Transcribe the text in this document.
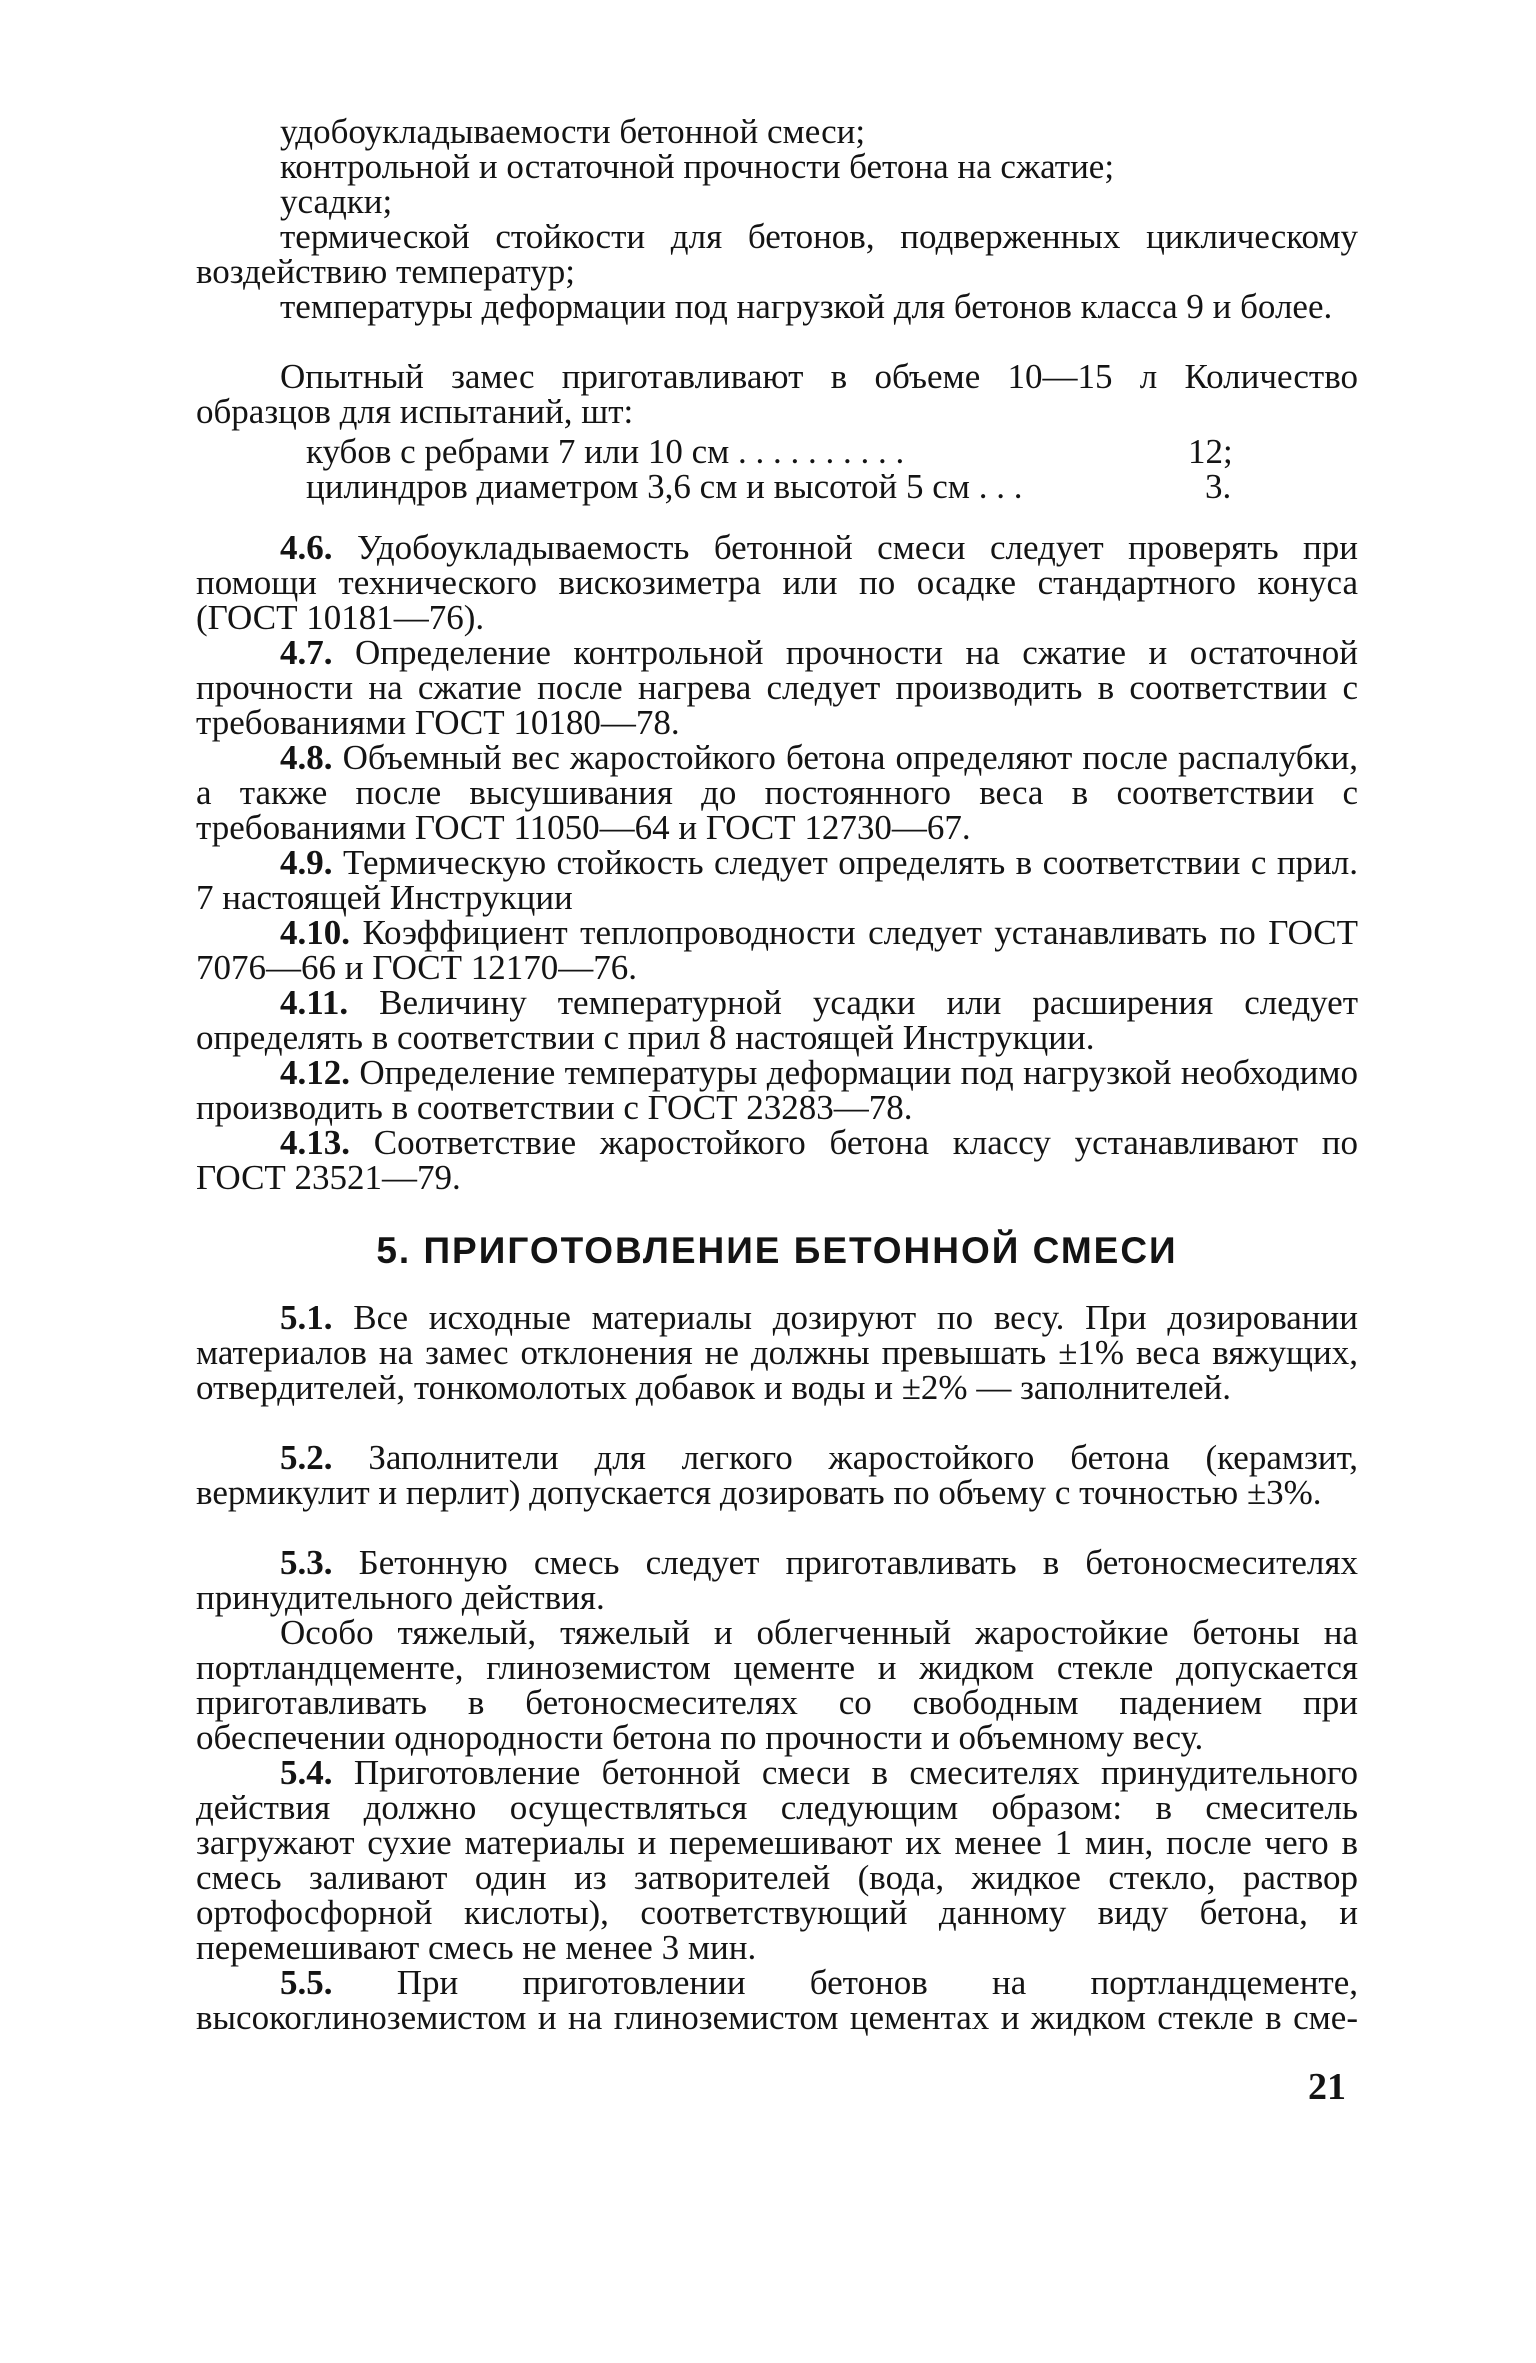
удобоукладываемости бетонной смеси;
контрольной и остаточной прочности бетона на сжатие;
усадки;
термической стойкости для бетонов, подверженных циклическому воздействию температур;
температуры деформации под нагрузкой для бетонов класса 9 и более.
Опытный замес приготавливают в объеме 10—15 л Количество образцов для испытаний, шт:
кубов с ребрами 7 или 10 см . . . . . . . . . .	12;
цилиндров диаметром 3,6 см и высотой 5 см . . .	3.
4.6. Удобоукладываемость бетонной смеси следует проверять при помощи технического вискозиметра или по осадке стандартного конуса (ГОСТ 10181—76).
4.7. Определение контрольной прочности на сжатие и остаточной прочности на сжатие после нагрева следует производить в соответствии с требованиями ГОСТ 10180—78.
4.8. Объемный вес жаростойкого бетона определяют после распалубки, а также после высушивания до постоянного веса в соответствии с требованиями ГОСТ 11050—64 и ГОСТ 12730—67.
4.9. Термическую стойкость следует определять в соответствии с прил. 7 настоящей Инструкции
4.10. Коэффициент теплопроводности следует устанавливать по ГОСТ 7076—66 и ГОСТ 12170—76.
4.11. Величину температурной усадки или расширения следует определять в соответствии с прил 8 настоящей Инструкции.
4.12. Определение температуры деформации под нагрузкой необходимо производить в соответствии с ГОСТ 23283—78.
4.13. Соответствие жаростойкого бетона классу устанавливают по ГОСТ 23521—79.
5. ПРИГОТОВЛЕНИЕ БЕТОННОЙ СМЕСИ
5.1. Все исходные материалы дозируют по весу. При дозировании материалов на замес отклонения не должны превышать ±1% веса вяжущих, отвердителей, тонкомолотых добавок и воды и ±2% — заполнителей.
5.2. Заполнители для легкого жаростойкого бетона (керамзит, вермикулит и перлит) допускается дозировать по объему с точностью ±3%.
5.3. Бетонную смесь следует приготавливать в бетоносмесителях принудительного действия.
Особо тяжелый, тяжелый и облегченный жаростойкие бетоны на портландцементе, глиноземистом цементе и жидком стекле допускается приготавливать в бетоносмесителях со свободным падением при обеспечении однородности бетона по прочности и объемному весу.
5.4. Приготовление бетонной смеси в смесителях принудительного действия должно осуществляться следующим образом: в смеситель загружают сухие материалы и перемешивают их менее 1 мин, после чего в смесь заливают один из затворителей (вода, жидкое стекло, раствор ортофосфорной кислоты), соответствующий данному виду бетона, и перемешивают смесь не менее 3 мин.
5.5. При приготовлении бетонов на портландцементе, высокоглиноземистом и на глиноземистом цементах и жидком стекле в сме-
21
